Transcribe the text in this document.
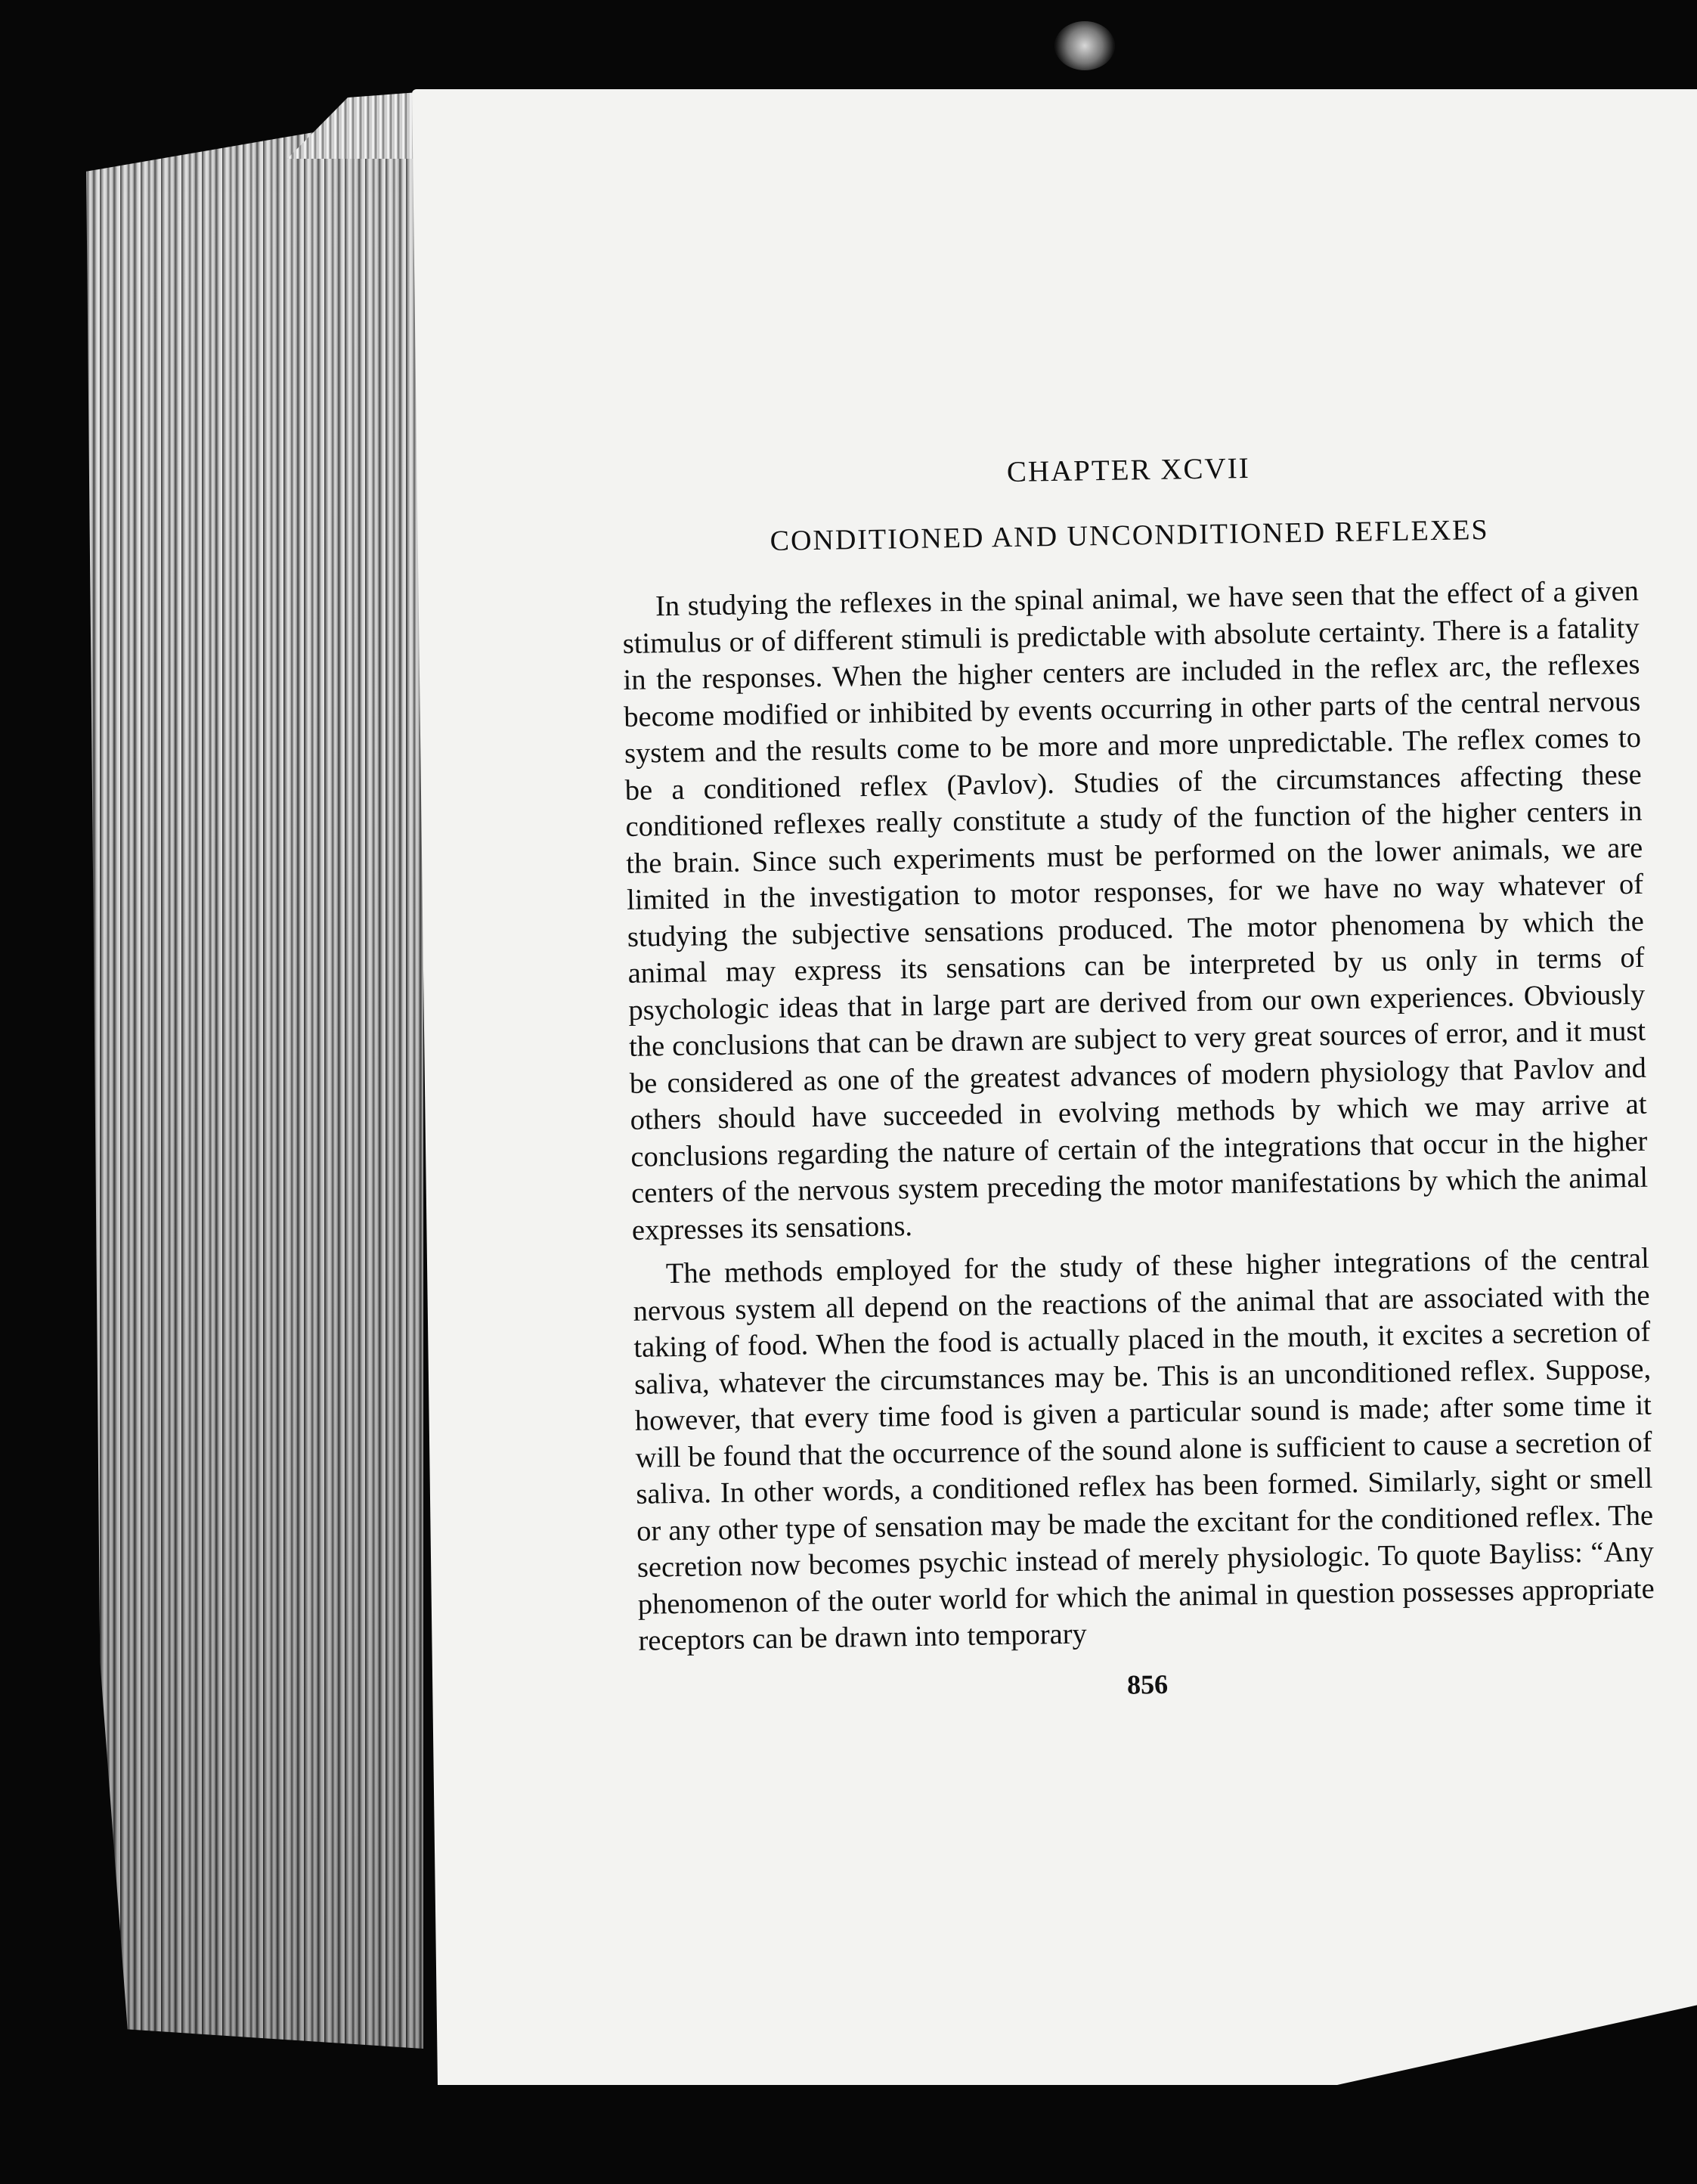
CHAPTER XCVII
CONDITIONED AND UNCONDITIONED REFLEXES

In studying the reflexes in the spinal animal, we have seen that the effect of a given stimulus or of different stimuli is predictable with absolute certainty. There is a fatality in the responses. When the higher centers are included in the reflex arc, the reflexes become modified or inhibited by events occurring in other parts of the central nervous system and the results come to be more and more unpredictable. The reflex comes to be a conditioned reflex (Pavlov). Studies of the circumstances affecting these conditioned reflexes really constitute a study of the function of the higher centers in the brain. Since such experiments must be performed on the lower animals, we are limited in the investigation to motor responses, for we have no way whatever of studying the subjective sensations produced. The motor phenomena by which the animal may express its sensations can be interpreted by us only in terms of psychologic ideas that in large part are derived from our own experiences. Obviously the conclusions that can be drawn are subject to very great sources of error, and it must be considered as one of the greatest advances of modern physiology that Pavlov and others should have succeeded in evolving methods by which we may arrive at conclusions regarding the nature of certain of the integrations that occur in the higher centers of the nervous system preceding the motor manifestations by which the animal expresses its sensations.

The methods employed for the study of these higher integrations of the central nervous system all depend on the reactions of the animal that are associated with the taking of food. When the food is actually placed in the mouth, it excites a secretion of saliva, whatever the circumstances may be. This is an unconditioned reflex. Suppose, however, that every time food is given a particular sound is made; after some time it will be found that the occurrence of the sound alone is sufficient to cause a secretion of saliva. In other words, a conditioned reflex has been formed. Similarly, sight or smell or any other type of sensation may be made the excitant for the conditioned reflex. The secretion now becomes psychic instead of merely physiologic. To quote Bayliss: “Any phenomenon of the outer world for which the animal in question possesses appropriate receptors can be drawn into temporary

856
